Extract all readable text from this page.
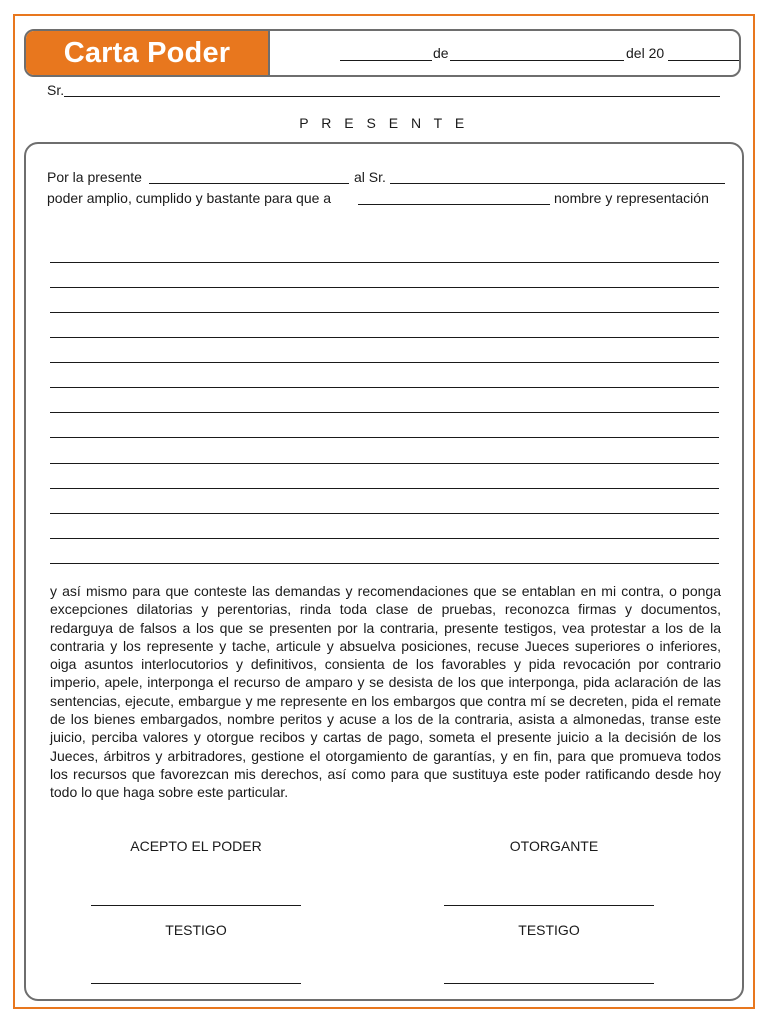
Carta Poder	de	del 20
Sr.
P R E S E N T E
Por la presente	al Sr.
poder amplio, cumplido y bastante para que a	nombre y representación
y así mismo para que conteste las demandas y recomendaciones que se entablan en mi contra, o ponga excepciones dilatorias y perentorias, rinda toda clase de pruebas, reconozca firmas y documentos, redarguya de falsos a los que se presenten por la contraria, presente testigos, vea protestar a los de la contraria y los represente y tache, articule y absuelva posiciones, recuse Jueces superiores o inferiores, oiga asuntos interlocutorios y definitivos, consienta de los favorables y pida revocación por contrario imperio, apele, interponga el recurso de amparo y se desista de los que interponga, pida aclaración de las sentencias, ejecute, embargue y me represente en los embargos que contra mí se decreten, pida el remate de los bienes embargados, nombre peritos y acuse a los de la contraria, asista a almonedas, transe este juicio, perciba valores y otorgue recibos y cartas de pago, someta el presente juicio a la decisión de los Jueces, árbitros y arbitradores, gestione el otorgamiento de garantías, y en fin, para que promueva todos los recursos que favorezcan mis derechos, así como para que sustituya este poder ratificando desde hoy todo lo que haga sobre este particular.
ACEPTO EL PODER	OTORGANTE
TESTIGO	TESTIGO
